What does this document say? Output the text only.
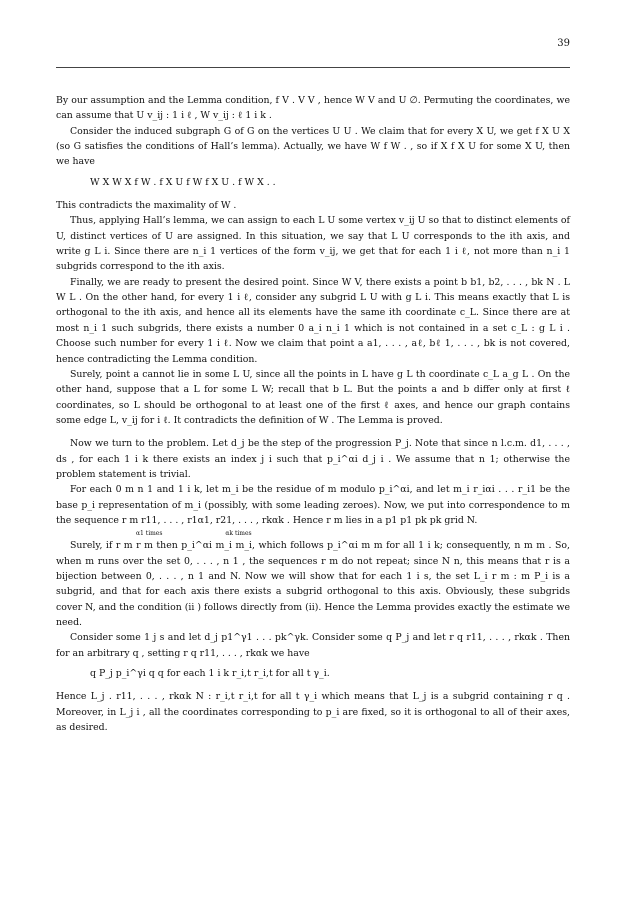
39

By our assumption and the Lemma condition, f V . V V , hence W V and U ∅. Permuting the coordinates, we can assume that U v_ij : 1 i ℓ , W v_ij : ℓ 1 i k .

Consider the induced subgraph G of G on the vertices U U . We claim that for every X U, we get f X U X (so G satisfies the conditions of Hall’s lemma). Actually, we have W f W . , so if X f X U for some X U, then we have

W X W X f W . f X U f W f X U . f W X . .

This contradicts the maximality of W .

Thus, applying Hall’s lemma, we can assign to each L U some vertex v_ij U so that to distinct elements of U, distinct vertices of U are assigned. In this situation, we say that L U corresponds to the ith axis, and write g L i. Since there are n_i 1 vertices of the form v_ij, we get that for each 1 i ℓ, not more than n_i 1 subgrids correspond to the ith axis.

Finally, we are ready to present the desired point. Since W V, there exists a point b b1, b2, . . . , bk N . L W L . On the other hand, for every 1 i ℓ, consider any subgrid L U with g L i. This means exactly that L is orthogonal to the ith axis, and hence all its elements have the same ith coordinate c_L. Since there are at most n_i 1 such subgrids, there exists a number 0 a_i n_i 1 which is not contained in a set c_L : g L i . Choose such number for every 1 i ℓ. Now we claim that point a a1, . . . , aℓ, bℓ 1, . . . , bk is not covered, hence contradicting the Lemma condition.

Surely, point a cannot lie in some L U, since all the points in L have g L th coordinate c_L a_g L . On the other hand, suppose that a L for some L W; recall that b L. But the points a and b differ only at first ℓ coordinates, so L should be orthogonal to at least one of the first ℓ axes, and hence our graph contains some edge L, v_ij for i ℓ. It contradicts the definition of W . The Lemma is proved.

Now we turn to the problem. Let d_j be the step of the progression P_j. Note that since n l.c.m. d1, . . . , ds , for each 1 i k there exists an index j i such that p_i^αi d_j i . We assume that n 1; otherwise the problem statement is trivial.

For each 0 m n 1 and 1 i k, let m_i be the residue of m modulo p_i^αi, and let m_i r_iαi . . . r_i1 be the base p_i representation of m_i (possibly, with some leading zeroes). Now, we put into correspondence to m the sequence r m r11, . . . , r1α1, r21, . . . , rkαk . Hence r m lies in a p1 p1 pk pk grid N.

α1 times                                 αk times

Surely, if r m r m then p_i^αi m_i m_i, which follows p_i^αi m m for all 1 i k; consequently, n m m . So, when m runs over the set 0, . . . , n 1 , the sequences r m do not repeat; since N n, this means that r is a bijection between 0, . . . , n 1 and N. Now we will show that for each 1 i s, the set L_i r m : m P_i is a subgrid, and that for each axis there exists a subgrid orthogonal to this axis. Obviously, these subgrids cover N, and the condition (ii ) follows directly from (ii). Hence the Lemma provides exactly the estimate we need.

Consider some 1 j s and let d_j p1^γ1 . . . pk^γk. Consider some q P_j and let r q r11, . . . , rkαk . Then for an arbitrary q , setting r q r11, . . . , rkαk we have

q P_j p_i^γi q q for each 1 i k r_i,t r_i,t for all t γ_i.

Hence L_j . r11, . . . , rkαk N : r_i,t r_i,t for all t γ_i which means that L_j is a subgrid containing r q . Moreover, in L_j i , all the coordinates corresponding to p_i are fixed, so it is orthogonal to all of their axes, as desired.
